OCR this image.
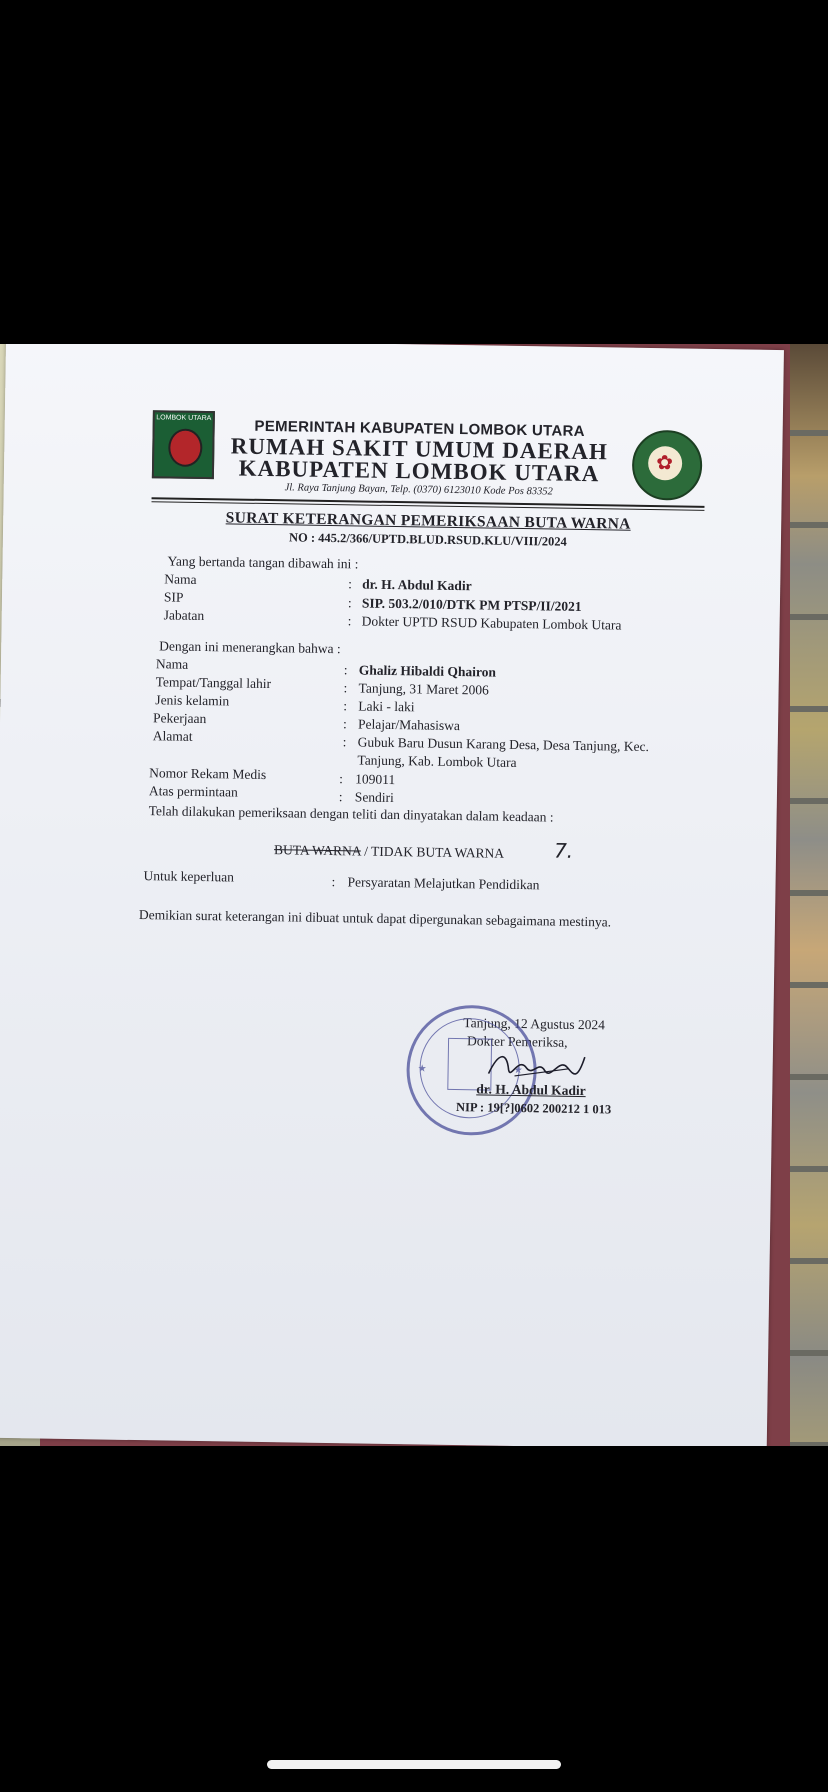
LOMBOK UTARA
✿
PEMERINTAH KABUPATEN LOMBOK UTARA
RUMAH SAKIT UMUM DAERAH
KABUPATEN LOMBOK UTARA
Jl. Raya Tanjung Bayan, Telp. (0370) 6123010 Kode Pos 83352
SURAT KETERANGAN PEMERIKSAAN BUTA WARNA
NO : 445.2/366/UPTD.BLUD.RSUD.KLU/VIII/2024
Yang bertanda tangan dibawah ini :
Nama	: dr. H. Abdul Kadir
SIP	: SIP. 503.2/010/DTK PM PTSP/II/2021
Jabatan	: Dokter UPTD RSUD Kabupaten Lombok Utara
Dengan ini menerangkan bahwa :
Nama	: Ghaliz Hibaldi Qhairon
Tempat/Tanggal lahir	: Tanjung, 31 Maret 2006
Jenis kelamin	: Laki - laki
Pekerjaan	: Pelajar/Mahasiswa
Alamat	: Gubuk Baru Dusun Karang Desa, Desa Tanjung, Kec.
Tanjung, Kab. Lombok Utara
Nomor Rekam Medis	: 109011
Atas permintaan	: Sendiri
Telah dilakukan pemeriksaan dengan teliti dan dinyatakan dalam keadaan :
BUTA WARNA / TIDAK BUTA WARNA 7.
Untuk keperluan	: Persyaratan Melajutkan Pendidikan
Demikian surat keterangan ini dibuat untuk dapat dipergunakan sebagaimana mestinya.
Tanjung, 12 Agustus 2024
Dokter Pemeriksa,
★	★
dr. H. Abdul Kadir
NIP : 19[?]0602 200212 1 013
